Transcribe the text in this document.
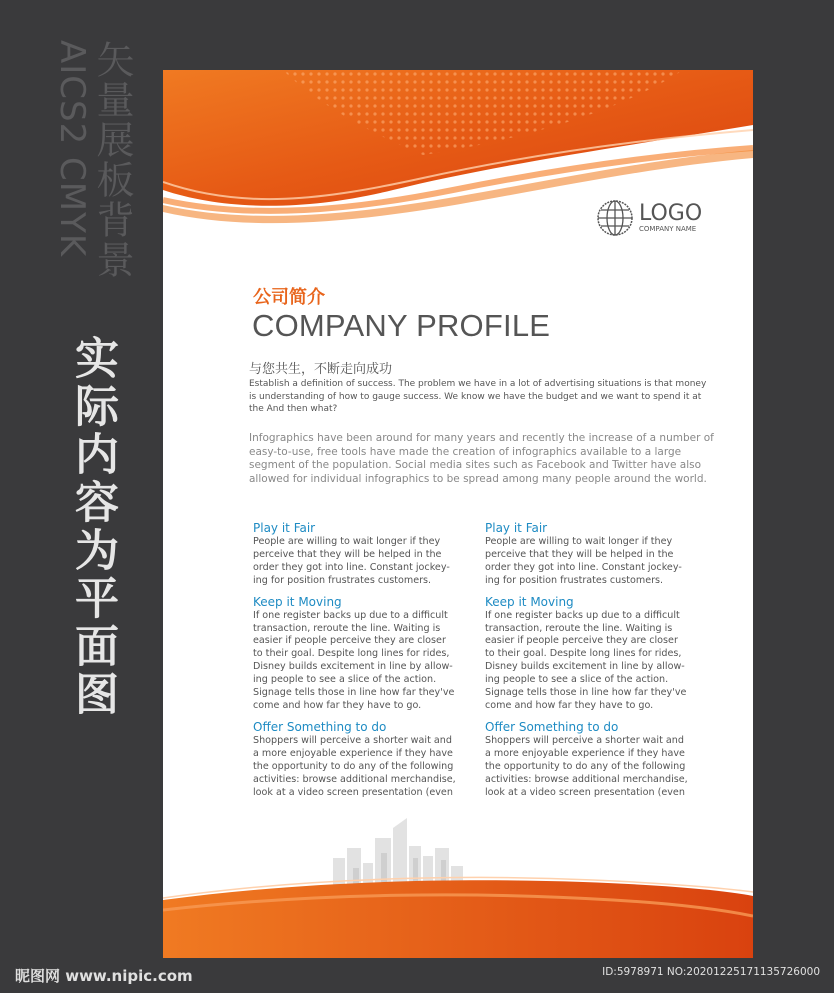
矢量展板背景
AICS2 CMYK
实际内容为平面图
LOGO
COMPANY NAME
公司简介
COMPANY PROFILE
与您共生，不断走向成功
Establish a definition of success. The problem we have in a lot of advertising situations is that money is understanding of how to gauge success. We know we have the budget and we want to spend it at the And then what?
Infographics have been around for many years and recently the increase of a number of easy-to-use, free tools have made the creation of infographics available to a large segment of the population. Social media sites such as Facebook and Twitter have also allowed for individual infographics to be spread among many people around the world.

Play it Fair

People are willing to wait longer if they
perceive that they will be helped in the
order they got into line. Constant jockey-
ing for position frustrates customers.

Keep it Moving

If one register backs up due to a difficult
transaction, reroute the line. Waiting is
easier if people perceive they are closer
to their goal. Despite long lines for rides,
Disney builds excitement in line by allow-
ing people to see a slice of the action.
Signage tells those in line how far they've
come and how far they have to go.

Offer Something to do

Shoppers will perceive a shorter wait and
a more enjoyable experience if they have
the opportunity to do any of the following
activities: browse additional merchandise,
look at a video screen presentation (even

Play it Fair

People are willing to wait longer if they
perceive that they will be helped in the
order they got into line. Constant jockey-
ing for position frustrates customers.

Keep it Moving

If one register backs up due to a difficult
transaction, reroute the line. Waiting is
easier if people perceive they are closer
to their goal. Despite long lines for rides,
Disney builds excitement in line by allow-
ing people to see a slice of the action.
Signage tells those in line how far they've
come and how far they have to go.

Offer Something to do

Shoppers will perceive a shorter wait and
a more enjoyable experience if they have
the opportunity to do any of the following
activities: browse additional merchandise,
look at a video screen presentation (even

昵图网 www.nipic.com	ID:5978971 NO:20201225171135726000
